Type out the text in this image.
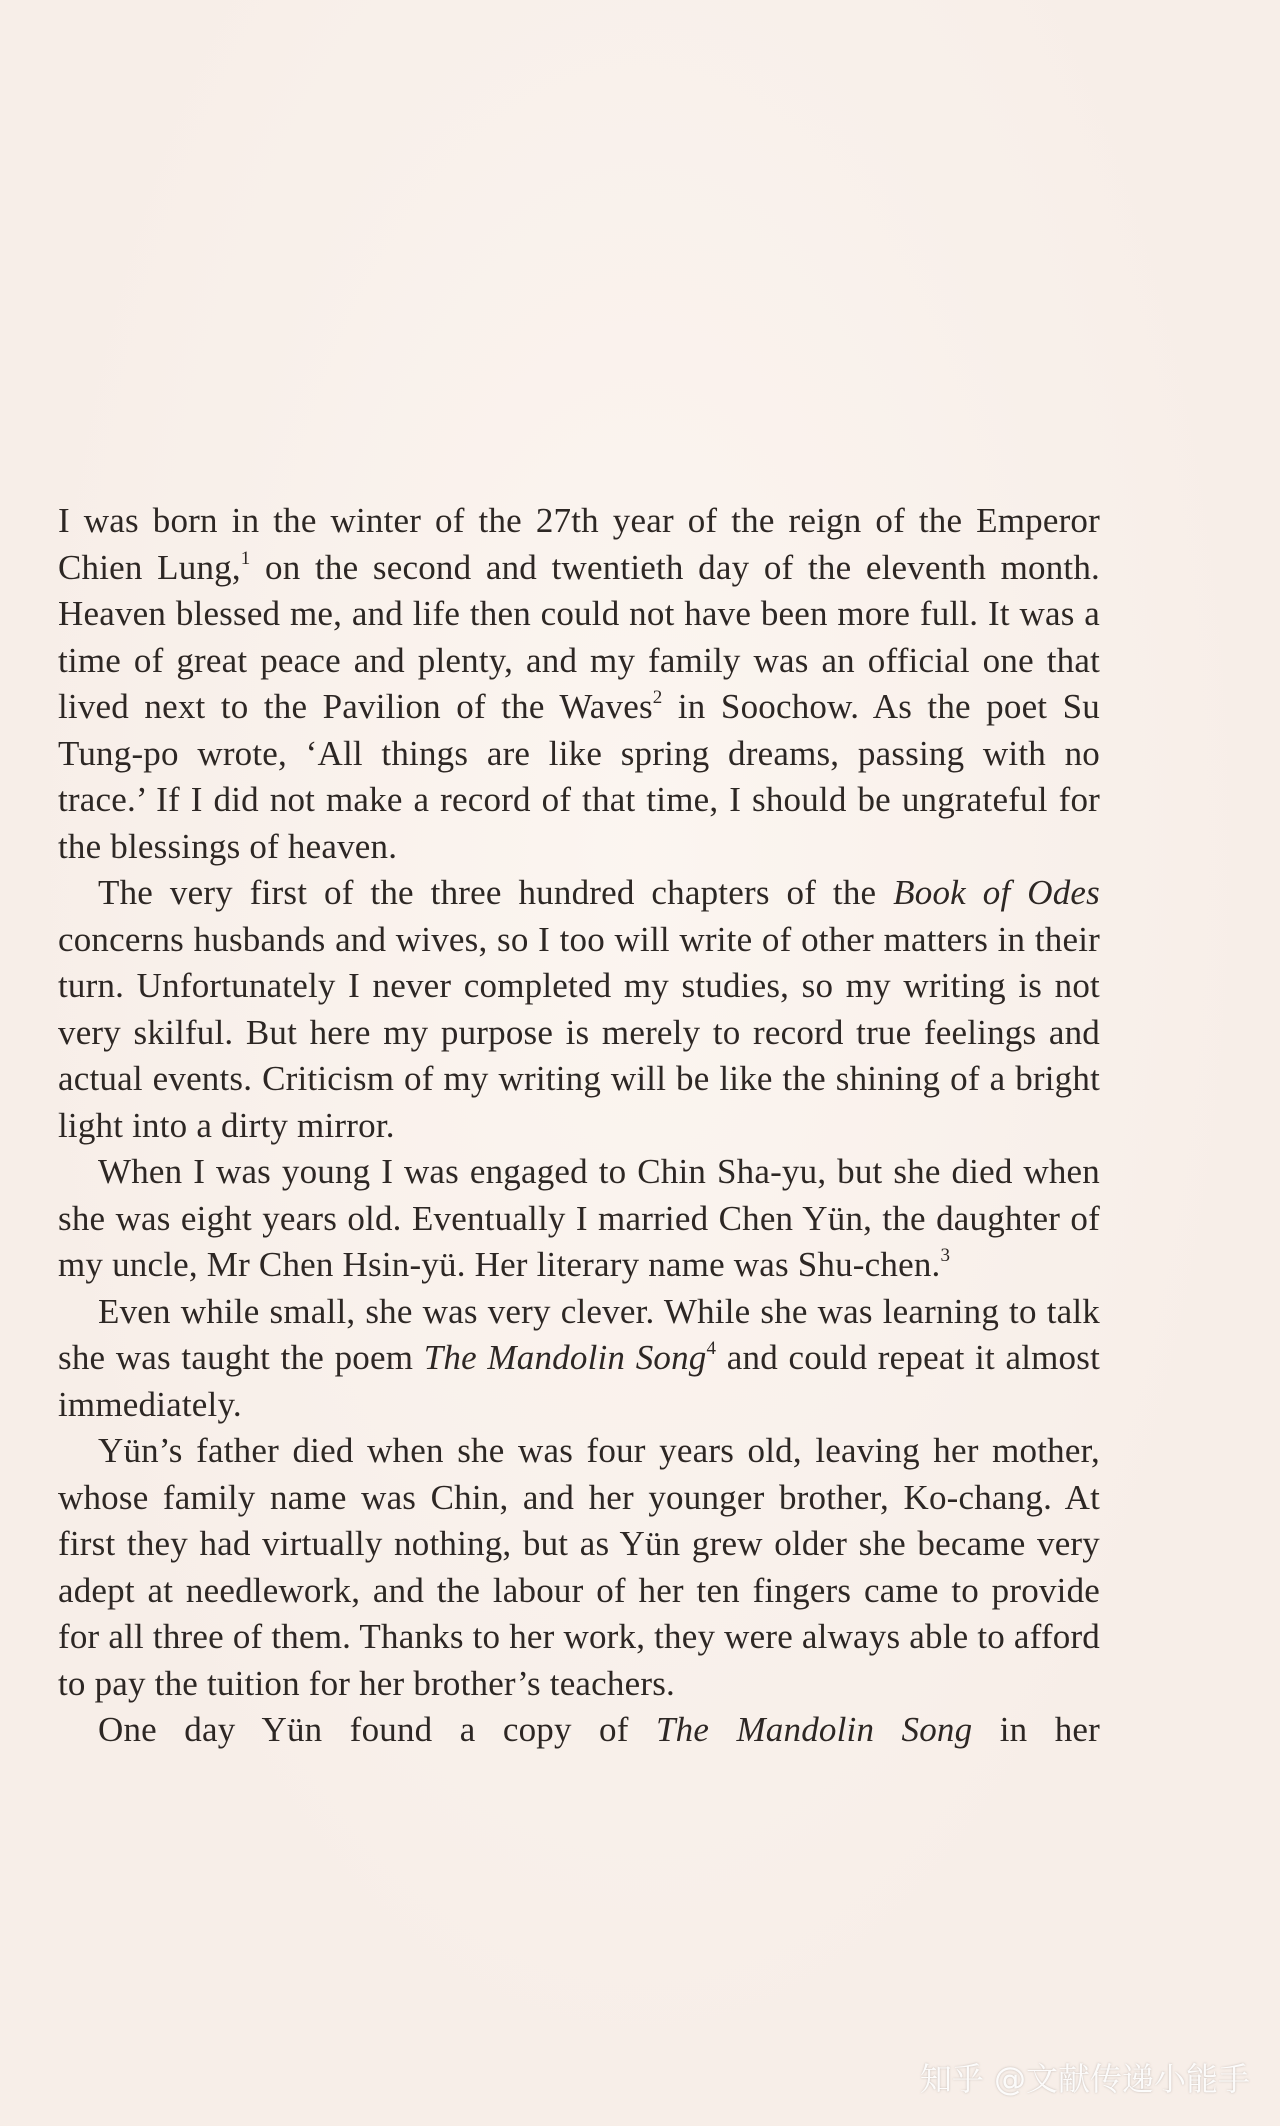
I was born in the winter of the 27th year of the reign of the Emperor Chien Lung,$^1$ on the second and twentieth day of the eleventh month. Heaven blessed me, and life then could not have been more full. It was a time of great peace and plenty, and my family was an official one that lived next to the Pavilion of the Waves$^2$ in Soochow. As the poet Su Tung-po wrote, ‘All things are like spring dreams, passing with no trace.’ If I did not make a record of that time, I should be ungrateful for the blessings of heaven.

The very first of the three hundred chapters of the Book of Odes concerns husbands and wives, so I too will write of other matters in their turn. Unfortunately I never completed my studies, so my writing is not very skilful. But here my purpose is merely to record true feelings and actual events. Criticism of my writing will be like the shining of a bright light into a dirty mirror.

When I was young I was engaged to Chin Sha-yu, but she died when she was eight years old. Eventually I married Chen Yün, the daughter of my uncle, Mr Chen Hsin-yü. Her literary name was Shu-chen.$^3$

Even while small, she was very clever. While she was learning to talk she was taught the poem The Mandolin Song$^4$ and could repeat it almost immediately.

Yün’s father died when she was four years old, leaving her mother, whose family name was Chin, and her younger brother, Ko-chang. At first they had virtually nothing, but as Yün grew older she became very adept at needlework, and the labour of her ten fingers came to provide for all three of them. Thanks to her work, they were always able to afford to pay the tuition for her brother’s teachers.

One day Yün found a copy of The Mandolin Song in her

知乎 @文献传递小能手
